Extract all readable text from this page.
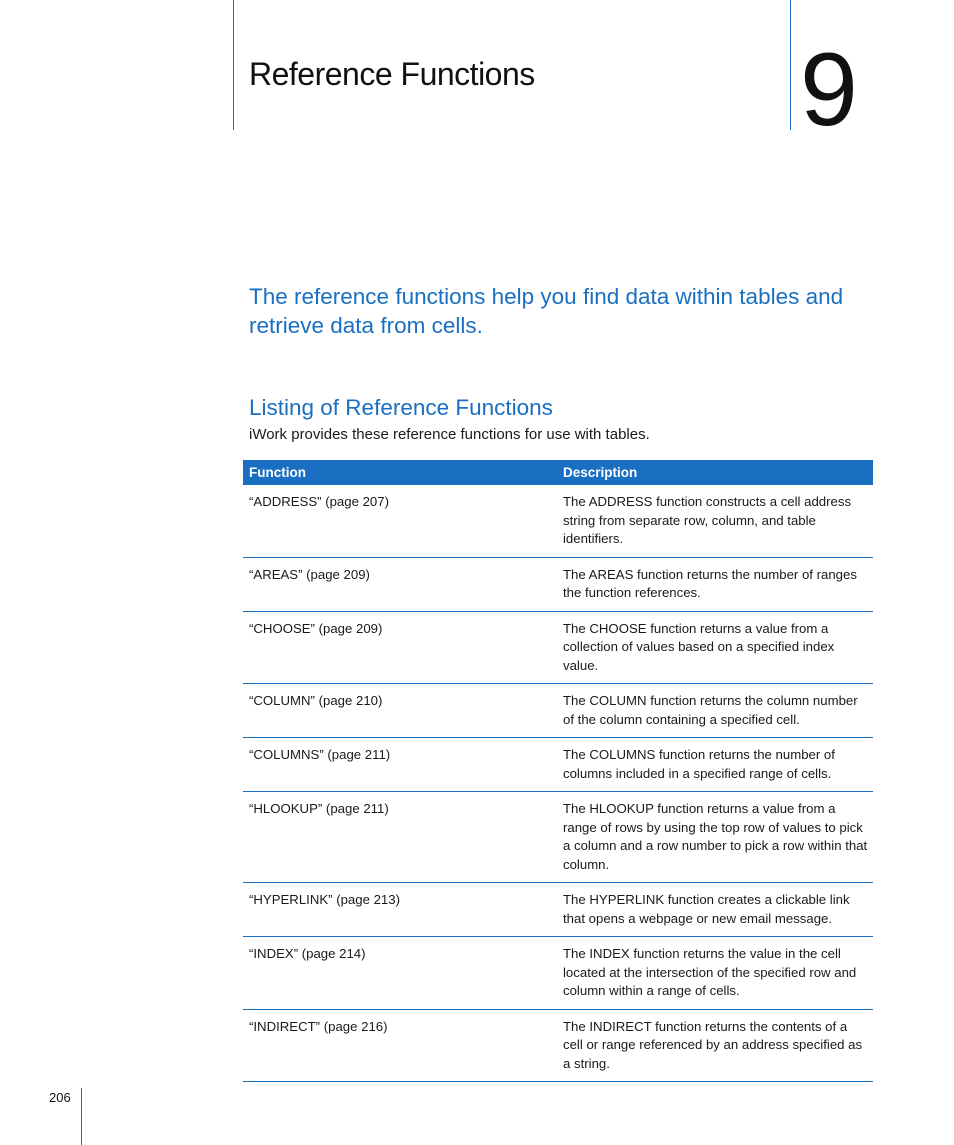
Reference Functions	9

The reference functions help you find data within tables and retrieve data from cells.

Listing of Reference Functions

iWork provides these reference functions for use with tables.

Function	Description
“ADDRESS” (page 207)	The ADDRESS function constructs a cell address string from separate row, column, and table identifiers.
“AREAS” (page 209)	The AREAS function returns the number of ranges the function references.
“CHOOSE” (page 209)	The CHOOSE function returns a value from a collection of values based on a specified index value.
“COLUMN” (page 210)	The COLUMN function returns the column number of the column containing a specified cell.
“COLUMNS” (page 211)	The COLUMNS function returns the number of columns included in a specified range of cells.
“HLOOKUP” (page 211)	The HLOOKUP function returns a value from a range of rows by using the top row of values to pick a column and a row number to pick a row within that column.
“HYPERLINK” (page 213)	The HYPERLINK function creates a clickable link that opens a webpage or new email message.
“INDEX” (page 214)	The INDEX function returns the value in the cell located at the intersection of the specified row and column within a range of cells.
“INDIRECT” (page 216)	The INDIRECT function returns the contents of a cell or range referenced by an address specified as a string.
206
